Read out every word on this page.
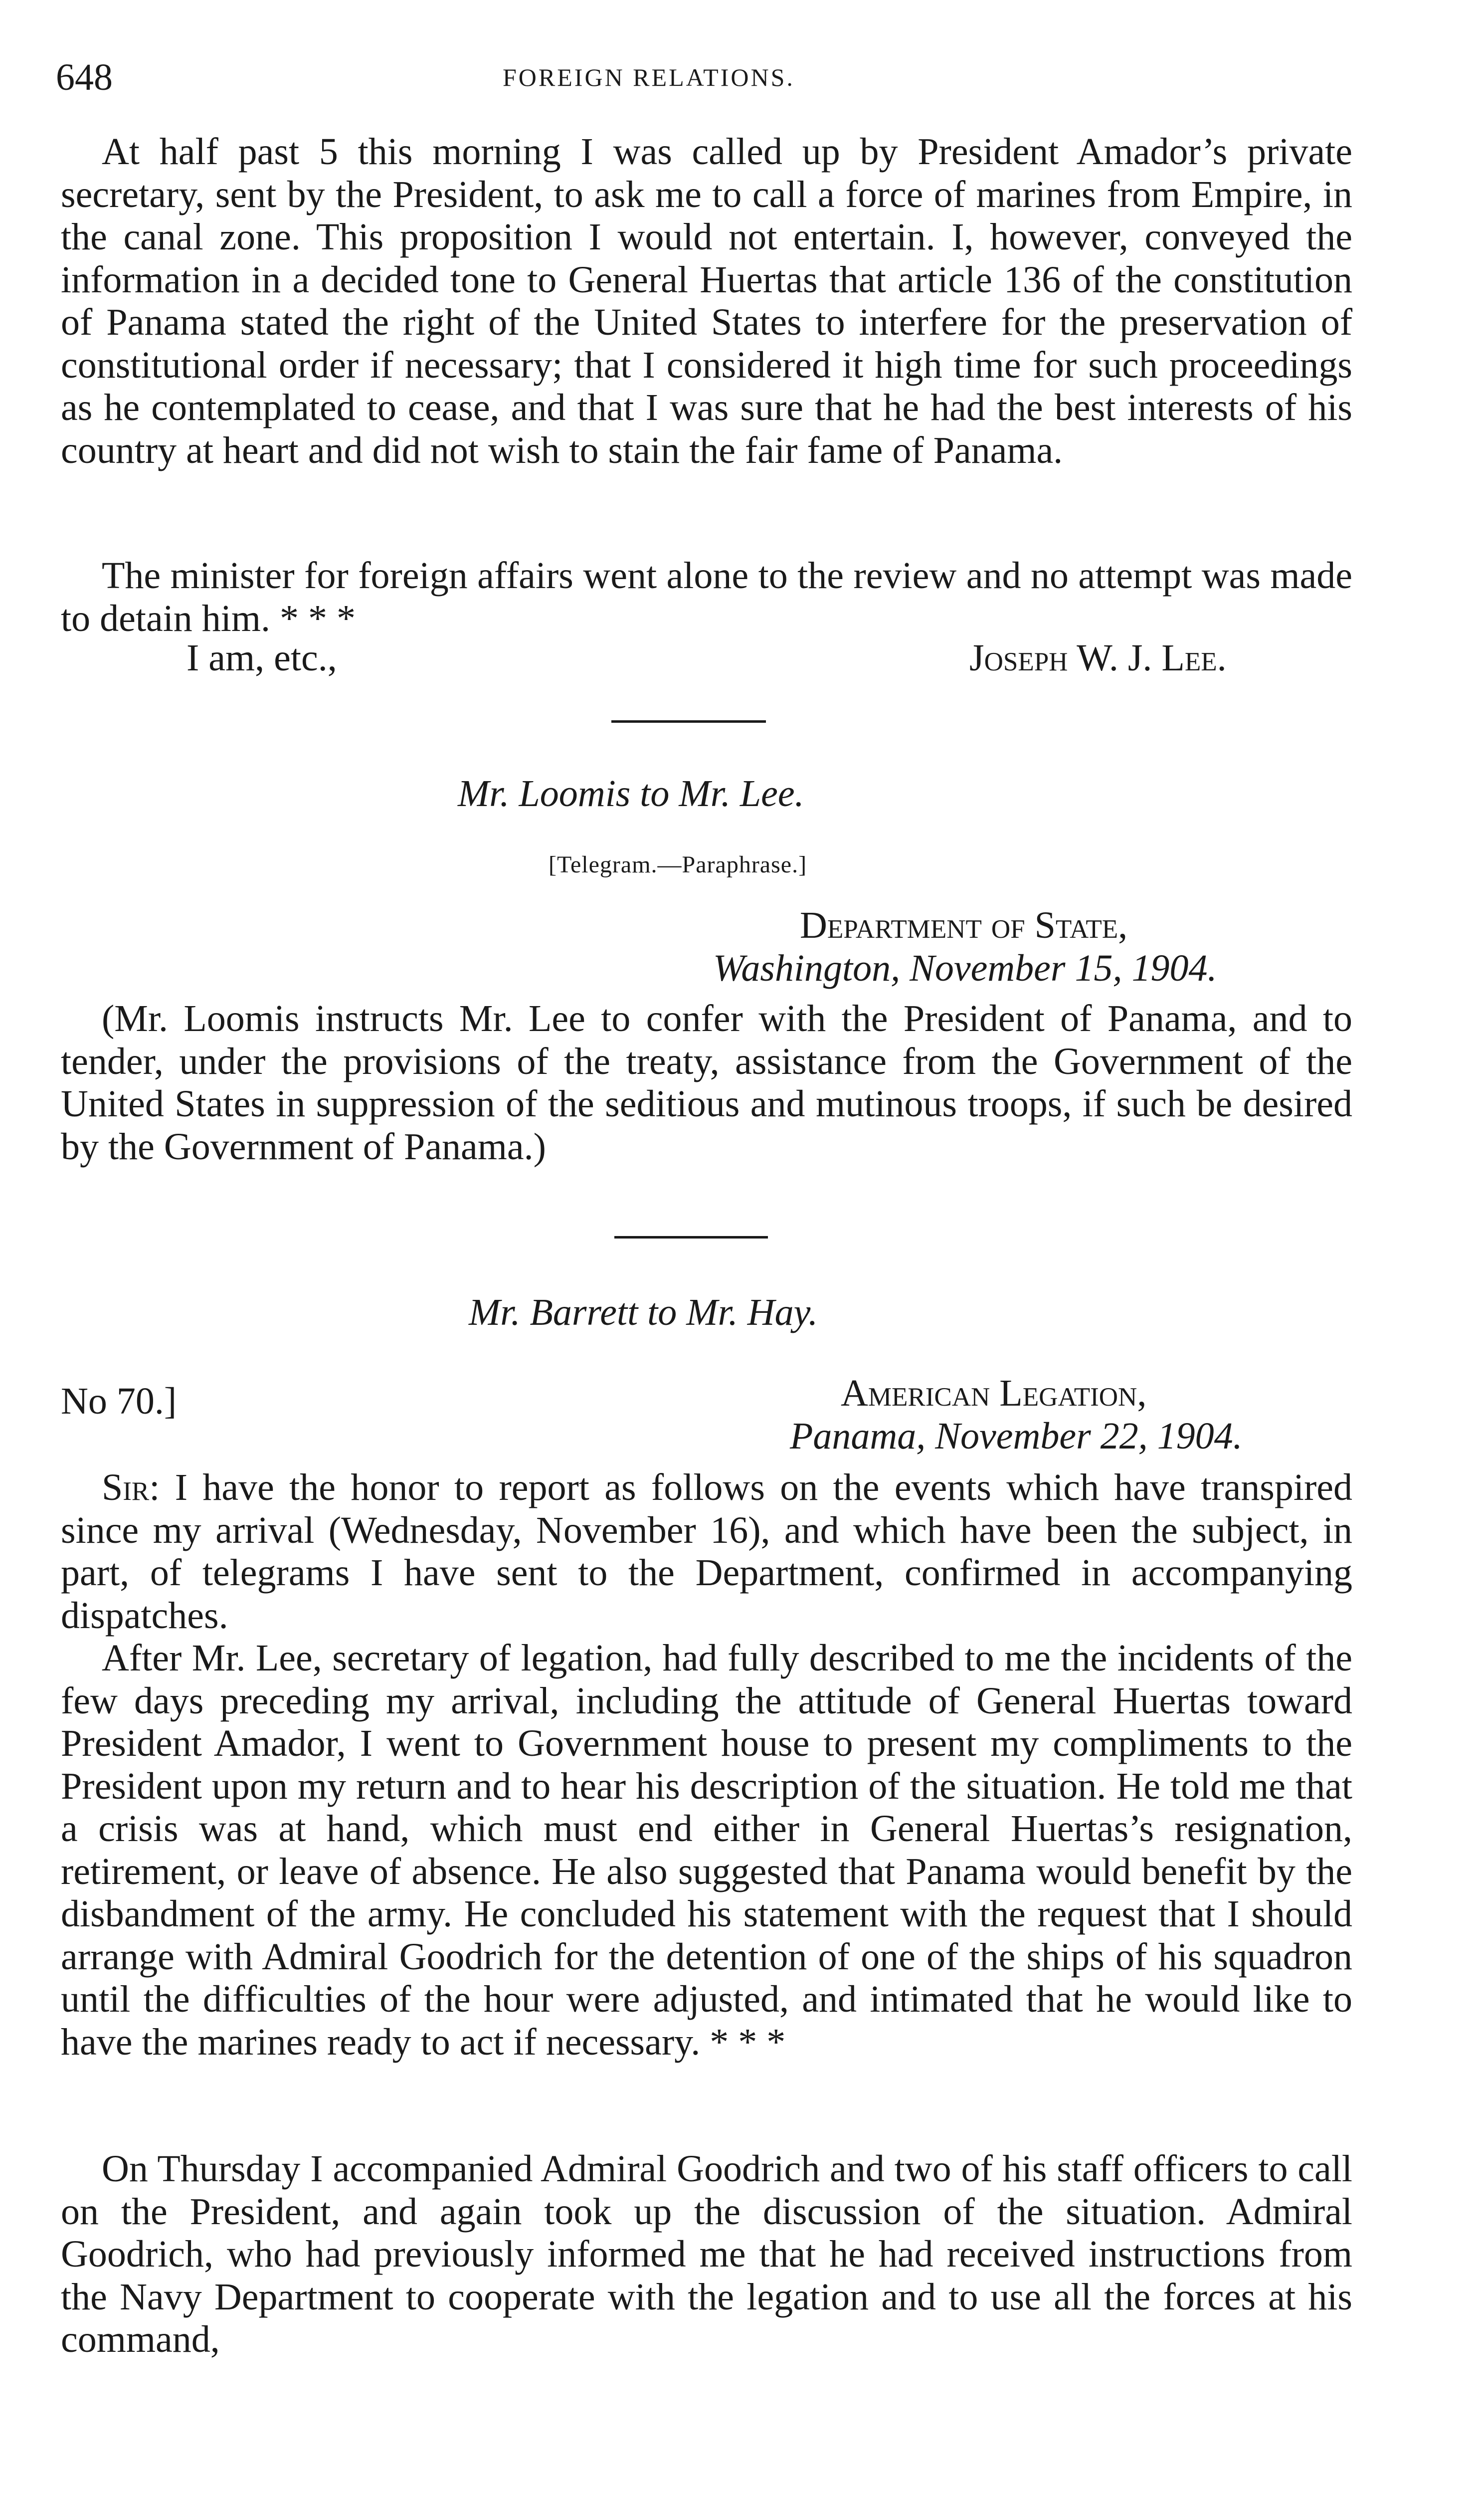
648	FOREIGN RELATIONS.

At half past 5 this morning I was called up by President Amador’s private secretary, sent by the President, to ask me to call a force of marines from Empire, in the canal zone. This proposition I would not entertain. I, however, conveyed the information in a decided tone to General Huertas that article 136 of the constitution of Panama stated the right of the United States to interfere for the preservation of constitutional order if necessary; that I considered it high time for such proceedings as he contemplated to cease, and that I was sure that he had the best interests of his country at heart and did not wish to stain the fair fame of Panama.

The minister for foreign affairs went alone to the review and no attempt was made to detain him. * * *

I am, etc.,	Joseph W. J. Lee.
Mr. Loomis to Mr. Lee.
[Telegram.—Paraphrase.]
Department of State,
Washington, November 15, 1904.

(Mr. Loomis instructs Mr. Lee to confer with the President of Panama, and to tender, under the provisions of the treaty, assistance from the Government of the United States in suppression of the seditious and mutinous troops, if such be desired by the Government of Panama.)

Mr. Barrett to Mr. Hay.
No 70.]	American Legation,
Panama, November 22, 1904.

Sir: I have the honor to report as follows on the events which have transpired since my arrival (Wednesday, November 16), and which have been the subject, in part, of telegrams I have sent to the Department, confirmed in accompanying dispatches.

After Mr. Lee, secretary of legation, had fully described to me the incidents of the few days preceding my arrival, including the attitude of General Huertas toward President Amador, I went to Government house to present my compliments to the President upon my return and to hear his description of the situation. He told me that a crisis was at hand, which must end either in General Huertas’s resignation, retirement, or leave of absence. He also suggested that Panama would benefit by the disbandment of the army. He concluded his statement with the request that I should arrange with Admiral Goodrich for the detention of one of the ships of his squadron until the difficulties of the hour were adjusted, and intimated that he would like to have the marines ready to act if necessary. * * *

On Thursday I accompanied Admiral Goodrich and two of his staff officers to call on the President, and again took up the discussion of the situation. Admiral Goodrich, who had previously informed me that he had received instructions from the Navy Department to cooperate with the legation and to use all the forces at his command,
